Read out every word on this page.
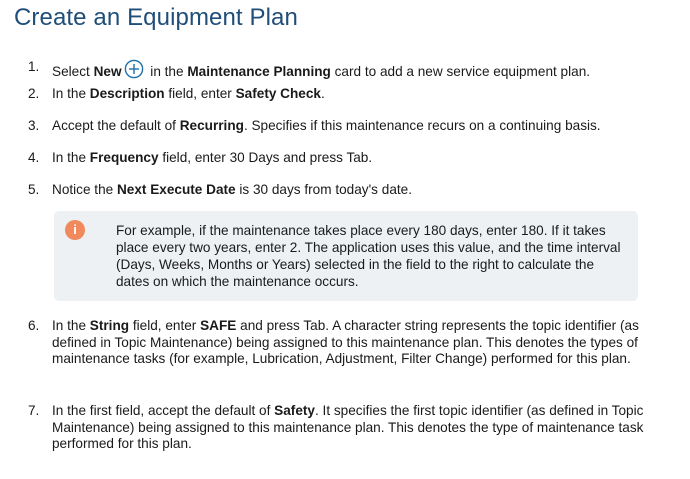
Create an Equipment Plan
1. Select New
in the Maintenance Planning card to add a new service equipment plan.
2. In the Description field, enter Safety Check.
3. Accept the default of Recurring. Specifies if this maintenance recurs on a continuing basis.
4. In the Frequency field, enter 30 Days and press Tab.
5. Notice the Next Execute Date is 30 days from today's date.
i	For example, if the maintenance takes place every 180 days, enter 180. If it takes place every two years, enter 2. The application uses this value, and the time interval (Days, Weeks, Months or Years) selected in the field to the right to calculate the dates on which the maintenance occurs.
6. In the String field, enter SAFE and press Tab. A character string represents the topic identifier (as defined in Topic Maintenance) being assigned to this maintenance plan. This denotes the types of maintenance tasks (for example, Lubrication, Adjustment, Filter Change) performed for this plan.
7. In the first field, accept the default of Safety. It specifies the first topic identifier (as defined in Topic Maintenance) being assigned to this maintenance plan. This denotes the type of maintenance task performed for this plan.
